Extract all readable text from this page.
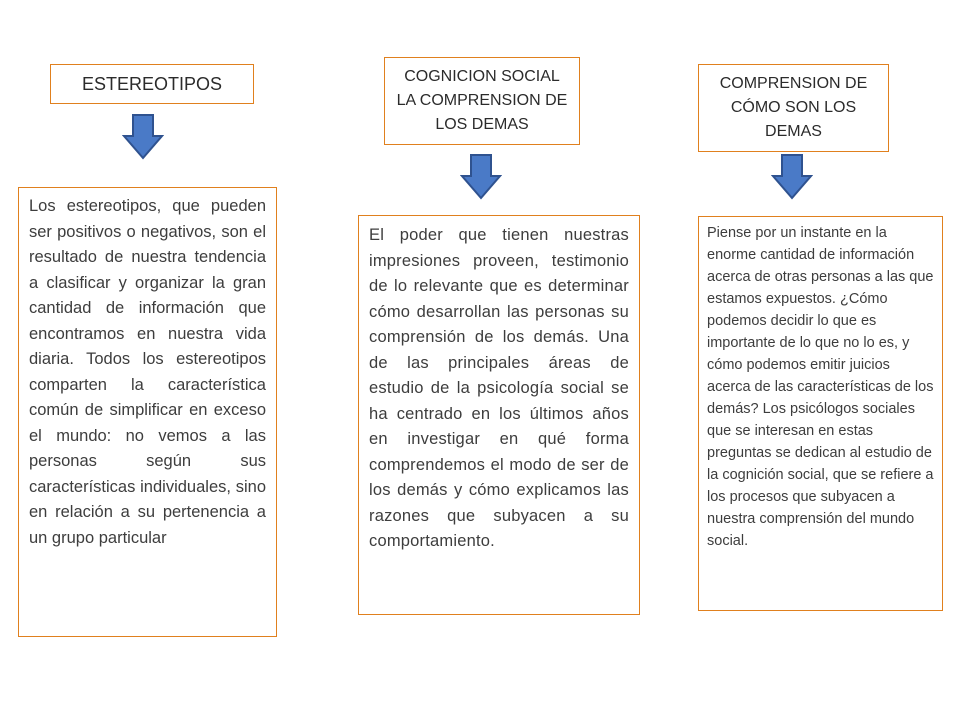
ESTEREOTIPOS
Los estereotipos, que pueden ser positivos o negativos, son el resultado de nuestra tendencia a clasificar y organizar la gran cantidad de información que encontramos en nuestra vida diaria. Todos los estereotipos comparten la característica común de simplificar en exceso el mundo: no vemos a las personas según sus características individuales, sino en relación a su pertenencia a un grupo particular
COGNICION SOCIAL LA COMPRENSION DE LOS DEMAS
El poder que tienen nuestras impresiones proveen, testimonio de lo relevante que es determinar cómo desarrollan las personas su comprensión de los demás. Una de las principales áreas de estudio de la psicología social se ha centrado en los últimos años en investigar en qué forma comprendemos el modo de ser de los demás y cómo explicamos las razones que subyacen a su comportamiento.
COMPRENSION DE CÓMO SON LOS DEMAS
Piense por un instante en la enorme cantidad de información acerca de otras personas a las que estamos expuestos. ¿Cómo podemos decidir lo que es importante de lo que no lo es, y cómo podemos emitir juicios acerca de las características de los demás? Los psicólogos sociales que se interesan en estas preguntas se dedican al estudio de la cognición social, que se refiere a los procesos que subyacen a nuestra comprensión del mundo social.
